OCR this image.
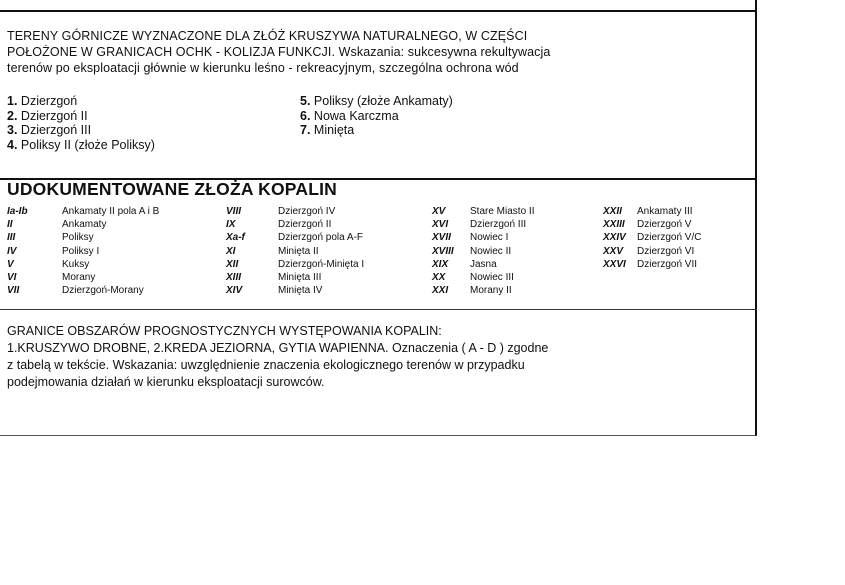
TERENY GÓRNICZE WYZNACZONE DLA ZŁÓŻ KRUSZYWA NATURALNEGO, W CZĘŚCI
POŁOŻONE W GRANICACH OCHK - KOLIZJA FUNKCJI. Wskazania: sukcesywna rekultywacja
terenów po eksploatacji głównie w kierunku leśno - rekreacyjnym, szczególna ochrona wód
1. Dzierzgoń
2. Dzierzgoń II
3. Dzierzgoń III
4. Poliksy II (złoże Poliksy)
5. Poliksy (złoże Ankamaty)
6. Nowa Karczma
7. Minięta
UDOKUMENTOWANE ZŁOŻA KOPALIN
Ia-Ib	Ankamaty II pola A i B
II	Ankamaty
III	Poliksy
IV	Poliksy I
V	Kuksy
VI	Morany
VII	Dzierzgoń-Morany
VIII	Dzierzgoń IV
IX	Dzierzgoń II
Xa-f	Dzierzgoń pola A-F
XI	Minięta II
XII	Dzierzgoń-Minięta I
XIII	Minięta III
XIV	Minięta IV
XV	Stare Miasto II
XVI	Dzierzgoń III
XVII	Nowiec I
XVIII	Nowiec II
XIX	Jasna
XX	Nowiec III
XXI	Morany II
XXII	Ankamaty III
XXIII	Dzierzgoń V
XXIV	Dzierzgoń V/C
XXV	Dzierzgoń VI
XXVI	Dzierzgoń VII
GRANICE OBSZARÓW PROGNOSTYCZNYCH WYSTĘPOWANIA KOPALIN:
1.KRUSZYWO DROBNE, 2.KREDA JEZIORNA, GYTIA WAPIENNA. Oznaczenia ( A - D ) zgodne
z tabelą w tekście. Wskazania: uwzględnienie znaczenia ekologicznego terenów w przypadku
podejmowania działań w kierunku eksploatacji surowców.
